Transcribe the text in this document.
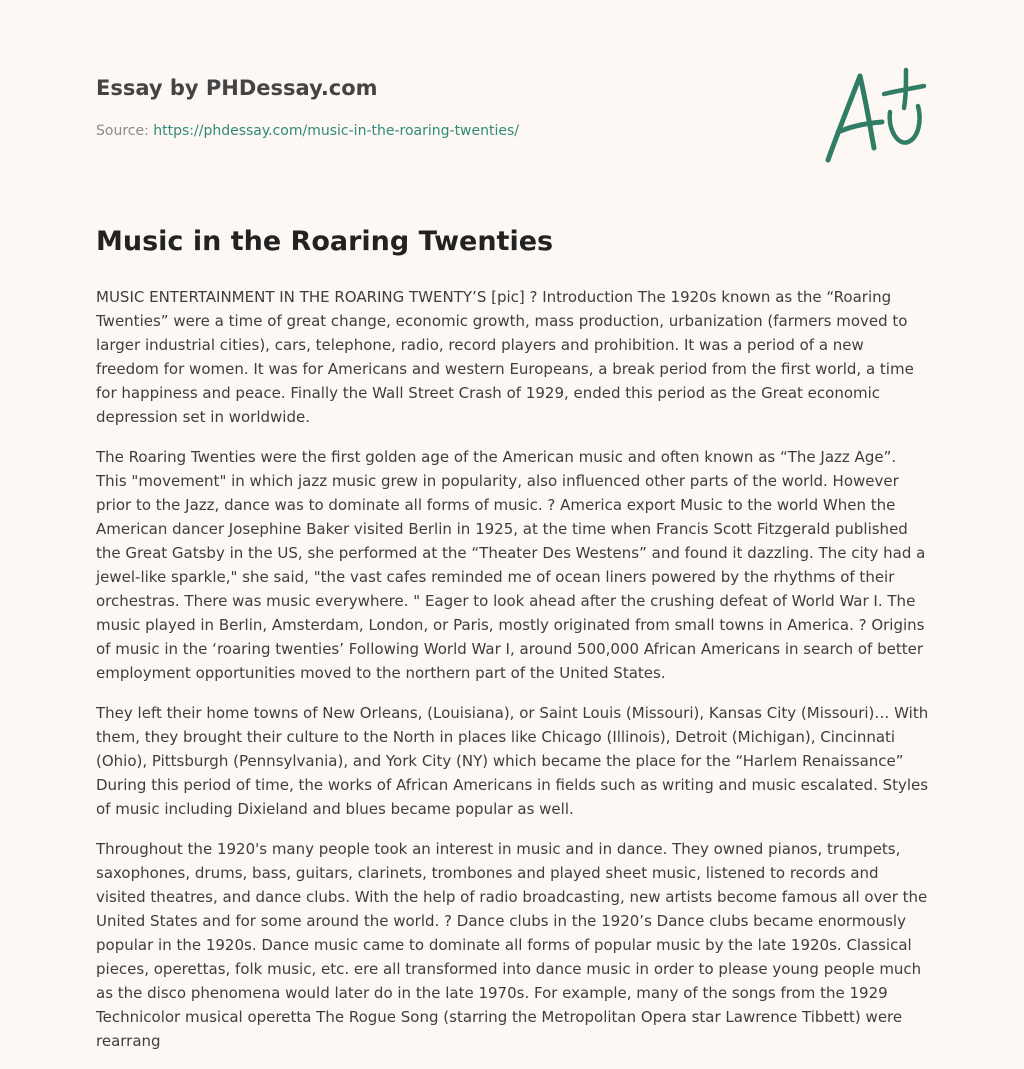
Essay by PHDessay.com
Source: https://phdessay.com/music-in-the-roaring-twenties/
Music in the Roaring Twenties

MUSIC ENTERTAINMENT IN THE ROARING TWENTY’S [pic] ? Introduction The 1920s known as the “Roaring Twenties” were a time of great change, economic growth, mass production, urbanization (farmers moved to larger industrial cities), cars, telephone, radio, record players and prohibition. It was a period of a new freedom for women. It was for Americans and western Europeans, a break period from the first world, a time for happiness and peace. Finally the Wall Street Crash of 1929, ended this period as the Great economic depression set in worldwide.

The Roaring Twenties were the first golden age of the American music and often known as “The Jazz Age”. This "movement" in which jazz music grew in popularity, also influenced other parts of the world. However prior to the Jazz, dance was to dominate all forms of music. ? America export Music to the world When the American dancer Josephine Baker visited Berlin in 1925, at the time when Francis Scott Fitzgerald published the Great Gatsby in the US, she performed at the “Theater Des Westens” and found it dazzling. The city had a jewel-like sparkle," she said, "the vast cafes reminded me of ocean liners powered by the rhythms of their orchestras. There was music everywhere. " Eager to look ahead after the crushing defeat of World War I. The music played in Berlin, Amsterdam, London, or Paris, mostly originated from small towns in America. ? Origins of music in the ‘roaring twenties’ Following World War I, around 500,000 African Americans in search of better employment opportunities moved to the northern part of the United States.

They left their home towns of New Orleans, (Louisiana), or Saint Louis (Missouri), Kansas City (Missouri)… With them, they brought their culture to the North in places like Chicago (Illinois), Detroit (Michigan), Cincinnati (Ohio), Pittsburgh (Pennsylvania), and York City (NY) which became the place for the “Harlem Renaissance” During this period of time, the works of African Americans in fields such as writing and music escalated. Styles of music including Dixieland and blues became popular as well.

Throughout the 1920's many people took an interest in music and in dance. They owned pianos, trumpets, saxophones, drums, bass, guitars, clarinets, trombones and played sheet music, listened to records and visited theatres, and dance clubs. With the help of radio broadcasting, new artists become famous all over the United States and for some around the world. ? Dance clubs in the 1920’s Dance clubs became enormously popular in the 1920s. Dance music came to dominate all forms of popular music by the late 1920s. Classical pieces, operettas, folk music, etc. ere all transformed into dance music in order to please young people much as the disco phenomena would later do in the late 1970s. For example, many of the songs from the 1929 Technicolor musical operetta The Rogue Song (starring the Metropolitan Opera star Lawrence Tibbett) were rearrang
